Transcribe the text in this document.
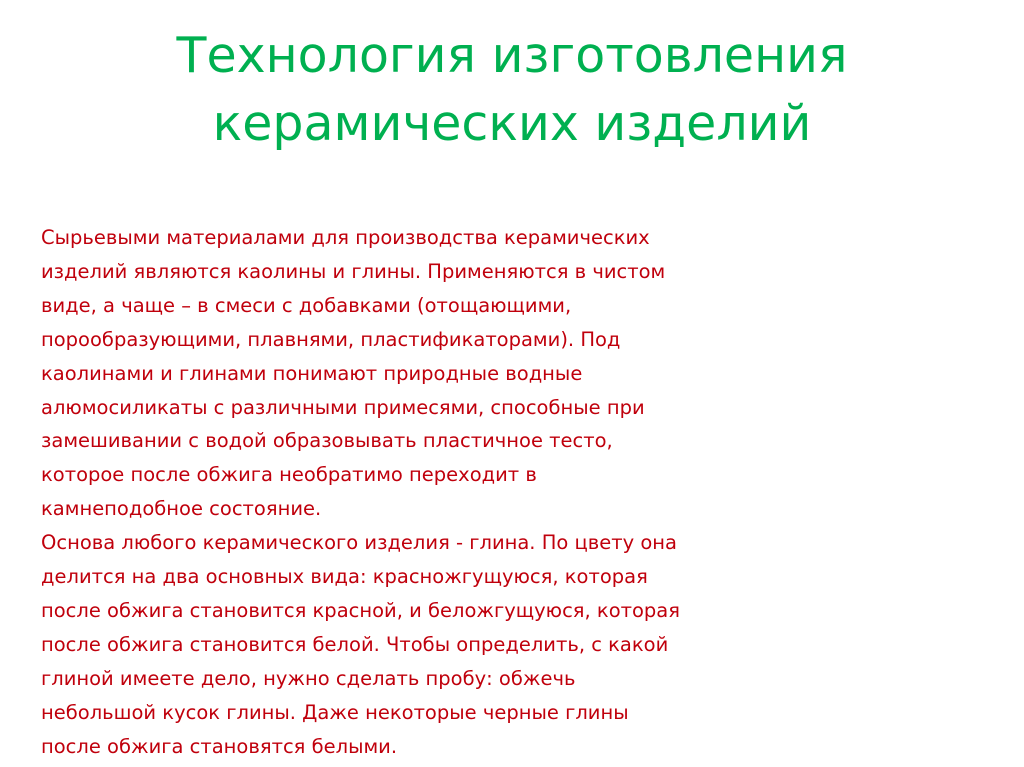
Технология изготовления
керамических изделий
Сырьевыми материалами для производства керамических
изделий являются каолины и глины. Применяются в чистом
виде, а чаще – в смеси с добавками (отощающими,
порообразующими, плавнями, пластификаторами). Под
каолинами и глинами понимают природные водные
алюмосиликаты с различными примесями, способные при
замешивании с водой образовывать пластичное тесто,
которое после обжига необратимо переходит в
камнеподобное состояние.
Основа любого керамического изделия - глина. По цвету она
делится на два основных вида: красножгущуюся, которая
после обжига становится красной, и беложгущуюся, которая
после обжига становится белой. Чтобы определить, с какой
глиной имеете дело, нужно сделать пробу: обжечь
небольшой кусок глины. Даже некоторые черные глины
после обжига становятся белыми.
